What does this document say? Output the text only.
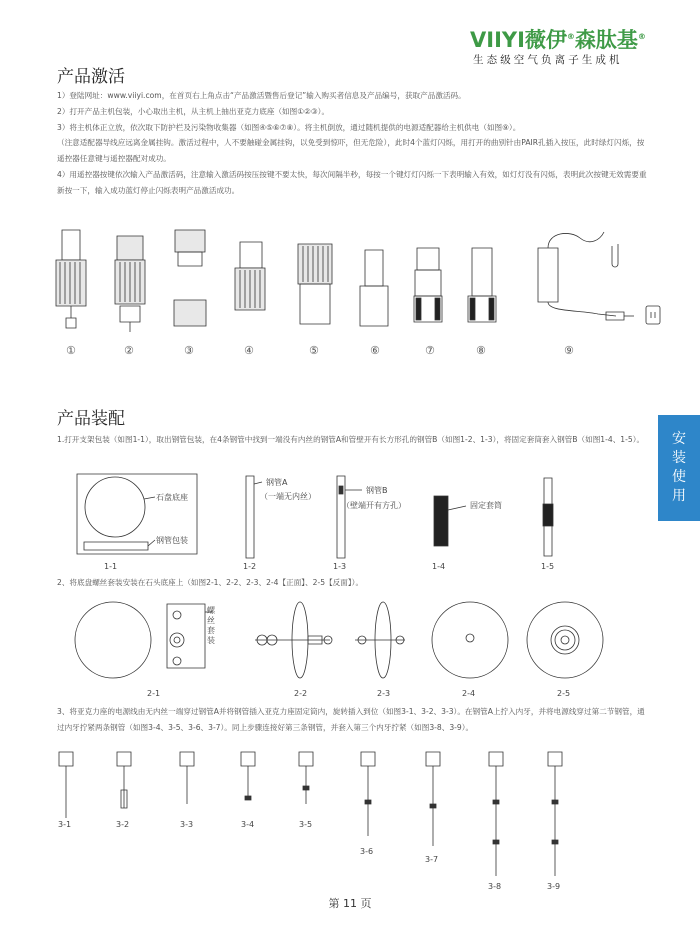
VIIYI薇伊®森肽基®
生态级空气负离子生成机
产品激活

1）登陆网址：www.viiyi.com，在首页右上角点击“产品激活暨售后登记”输入购买者信息及产品编号，获取产品激活码。

2）打开产品主机包装，小心取出主机，从主机上抽出亚克力底座（如图①②③）。

3）将主机体正立放，依次取下防护栏及污染物收集器（如图④⑤⑥⑦⑧）。将主机倒放，通过随机提供的电源适配器给主机供电（如图⑨）。

（注意适配器导线应远离金属挂钩。激活过程中，人不要触碰金属挂钩，以免受到惊吓，但无危险），此时4个蓝灯闪烁，用打开的曲别针由PAIR孔插入按压，此时绿灯闪烁，按遥控器任意键与遥控器配对成功。

4）用遥控器按键依次输入产品激活码，注意输入激活码按压按键不要太快，每次间隔半秒，每按一个键灯灯闪烁一下表明输入有效，如灯灯没有闪烁，表明此次按键无效需要重新按一下，输入成功蓝灯停止闪烁表明产品激活成功。

①	②	③	④	⑤	⑥	⑦	⑧	⑨
产品装配
1.打开支架包装（如图1-1），取出钢管包装，在4条钢管中找到一端没有内丝的钢管A和管壁开有长方形孔的钢管B（如图1-2、1-3），将固定套筒套入钢管B（如图1-4、1-5）。
石盘底座
钢管包装
钢管A
（一端无内丝）
钢管B
（壁端开有方孔）	固定套筒
1-1	1-2	1-3	1-4	1-5
2、将底盘螺丝套装安装在石头底座上（如图2-1、2-2、2-3、2-4【正面】、2-5【反面】）。
螺丝套装
2-1	2-2	2-3	2-4	2-5
3、将亚克力座的电源线由无内丝一端穿过钢管A并将钢管插入亚克力座固定筒内，旋转插入到位（如图3-1、3-2、3-3）。在钢管A上拧入内牙，并将电源线穿过第二节钢管，通过内牙拧紧两条钢管（如图3-4、3-5、3-6、3-7）。同上步骤连接好第三条钢管，并套入第三个内牙拧紧（如图3-8、3-9）。
3-1	3-2	3-3	3-4	3-5
3-6
3-7
3-8	3-9
安
装
使
用
第 11 页
